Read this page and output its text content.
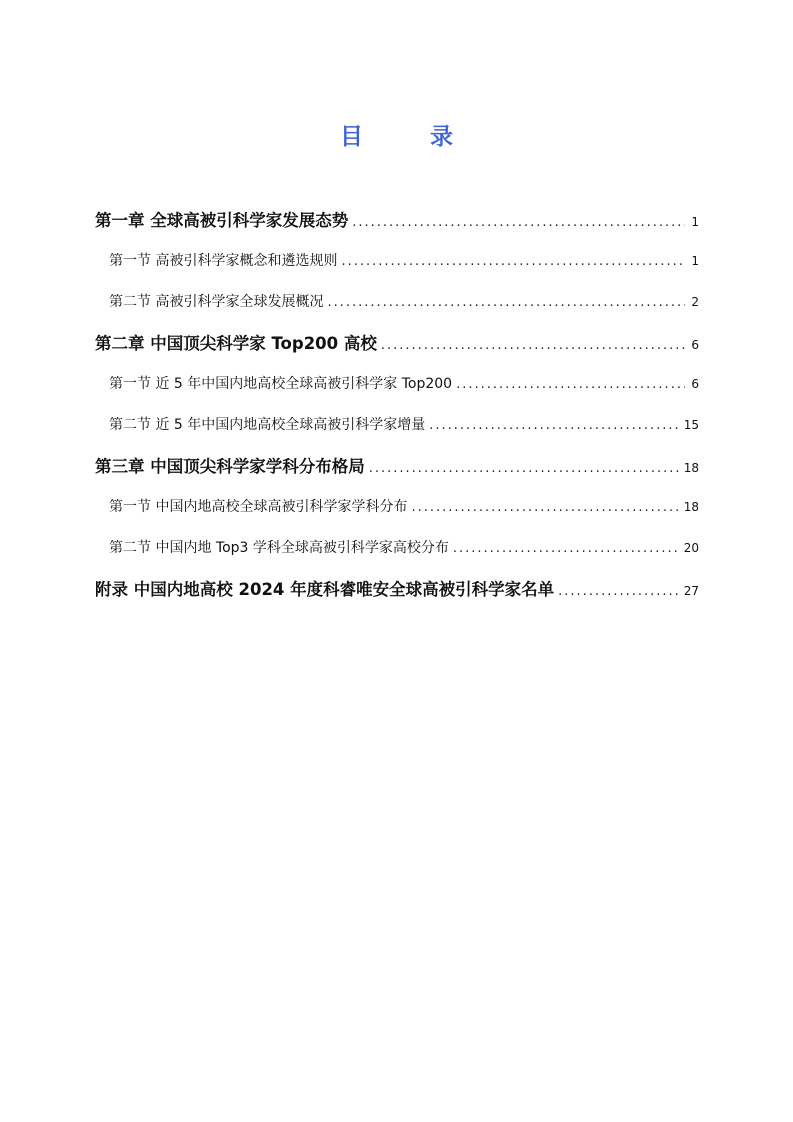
目　录
第一章 全球高被引科学家发展态势 .....	1
第一节 高被引科学家概念和遴选规则 .....	1
第二节 高被引科学家全球发展概况 .....	2
第二章 中国顶尖科学家 Top200 高校 .....	6
第一节 近 5 年中国内地高校全球高被引科学家 Top200 .....	6
第二节 近 5 年中国内地高校全球高被引科学家增量 .....	15
第三章 中国顶尖科学家学科分布格局 .....	18
第一节 中国内地高校全球高被引科学家学科分布 .....	18
第二节 中国内地 Top3 学科全球高被引科学家高校分布 .....	20
附录 中国内地高校 2024 年度科睿唯安全球高被引科学家名单 .....	27
